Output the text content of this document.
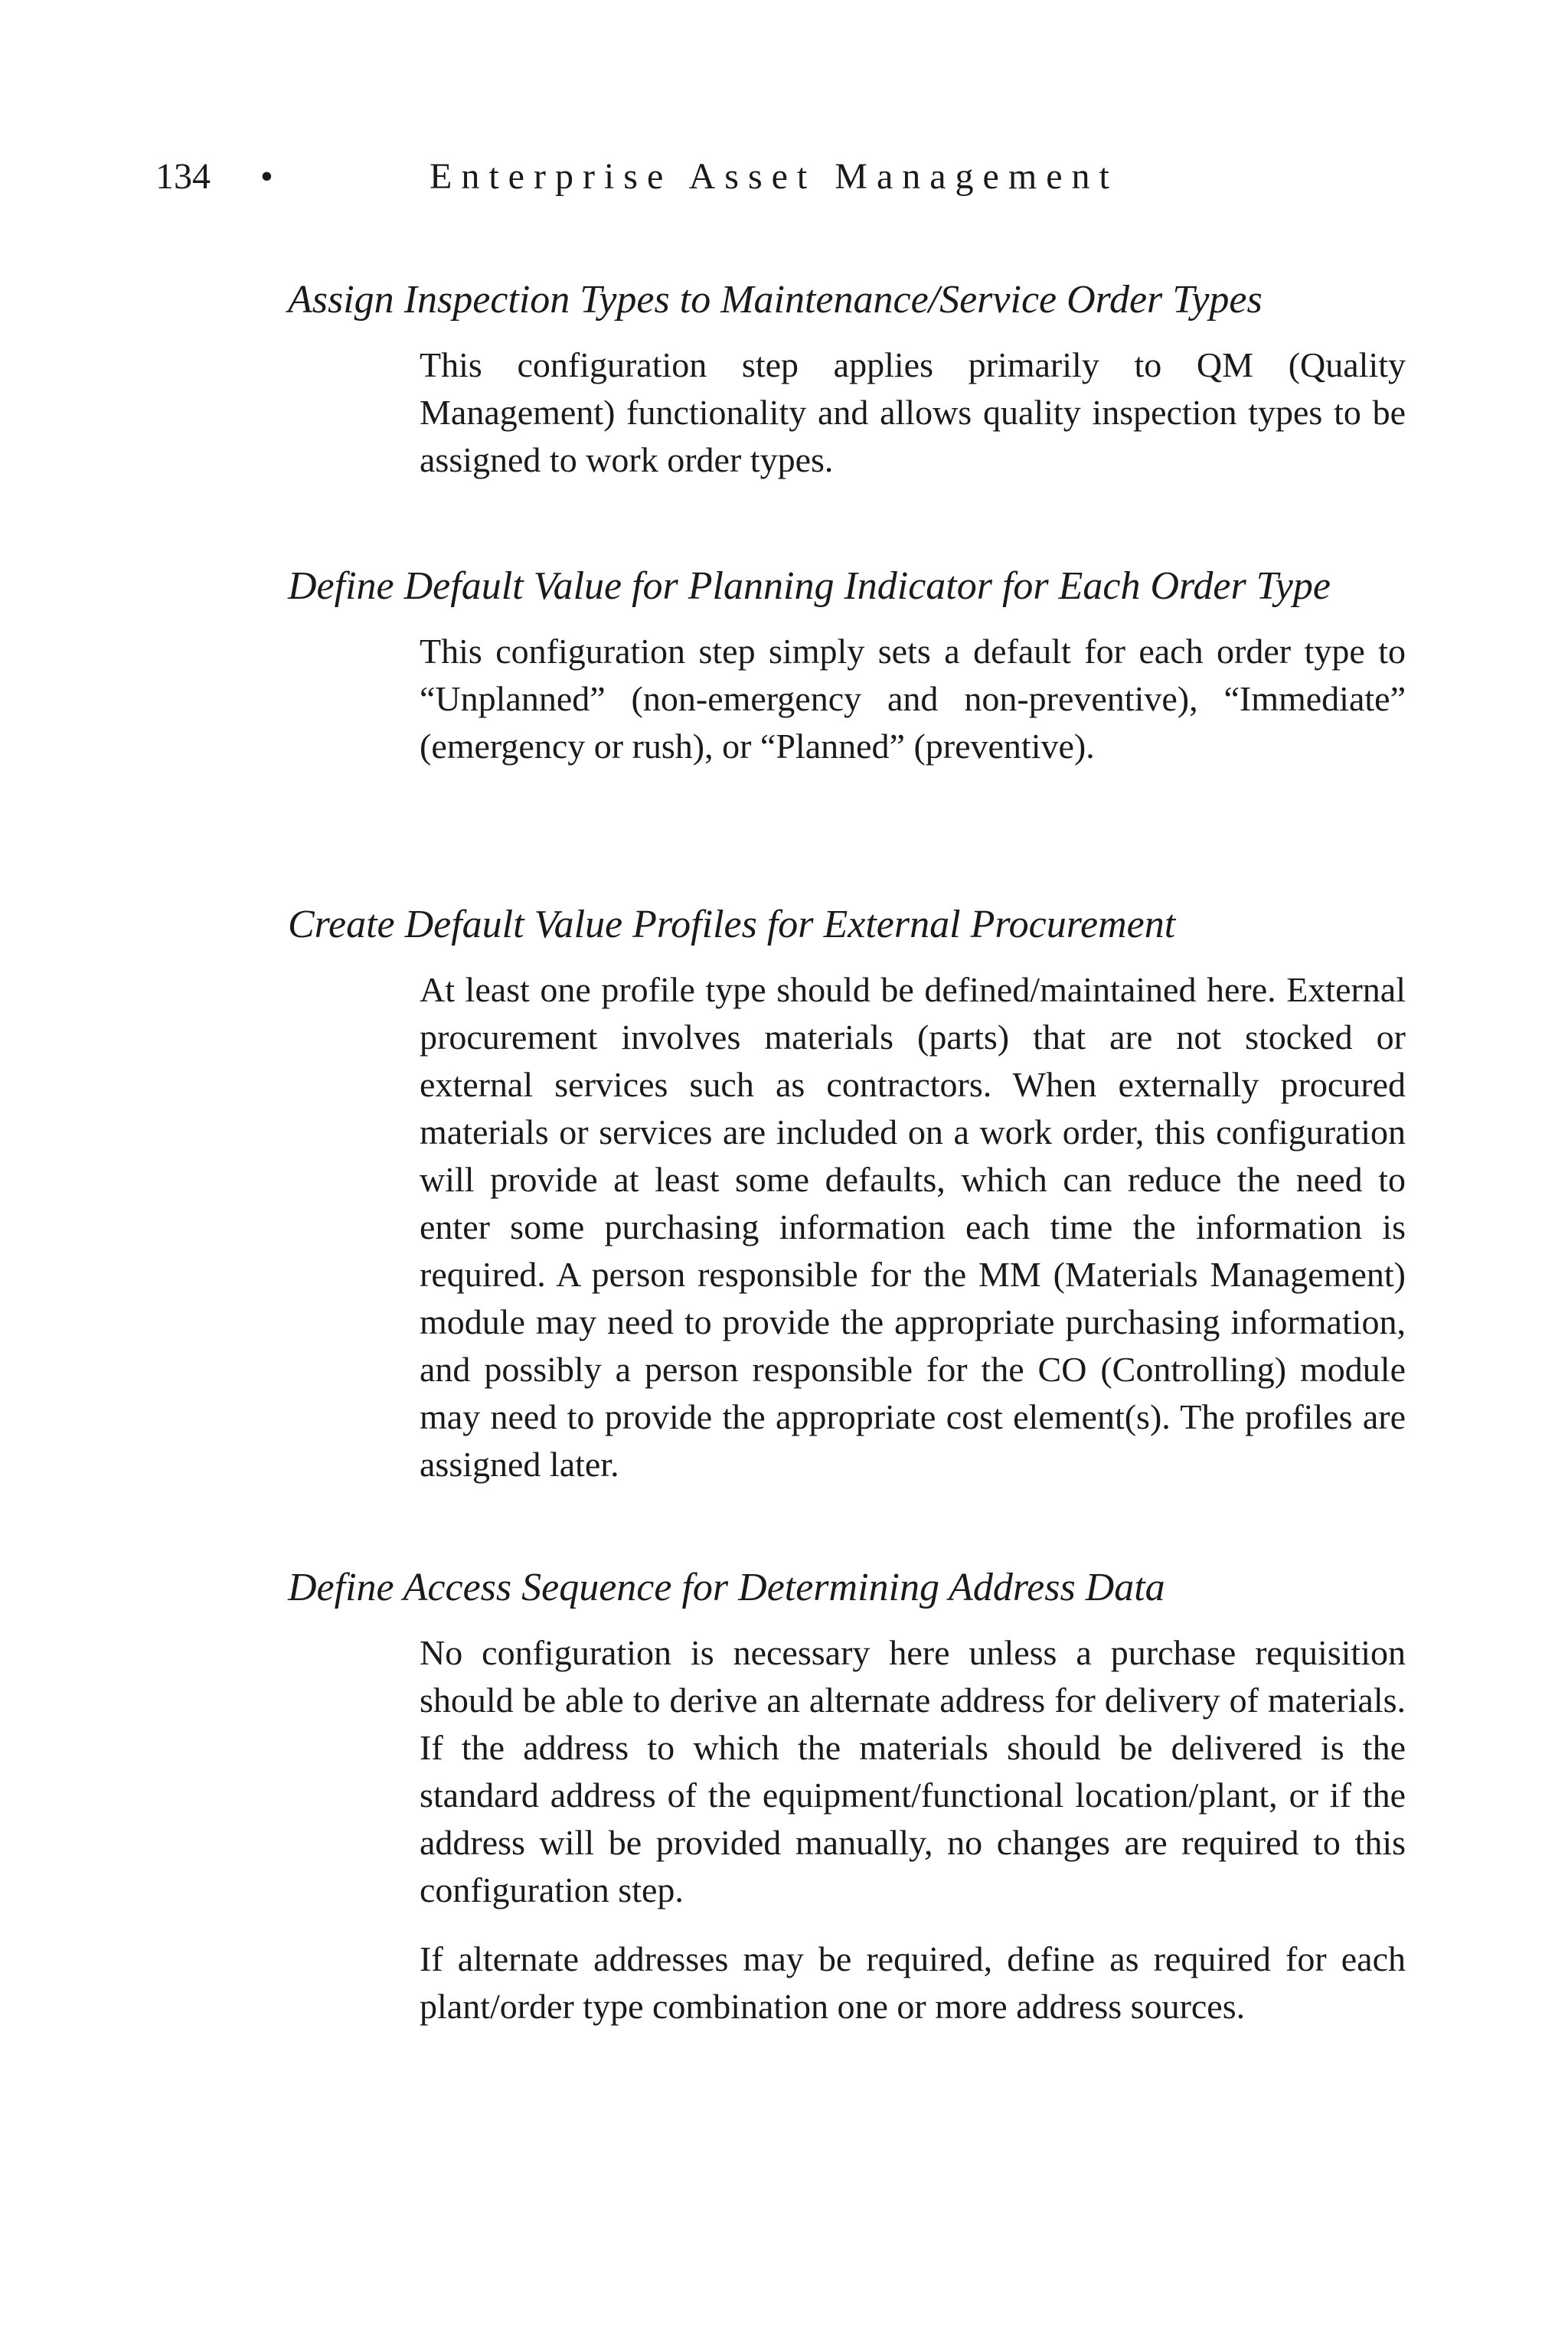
134 •	Enterprise Asset Management
Assign Inspection Types to Maintenance/Service Order Types

This configuration step applies primarily to QM (Quality Management) functionality and allows quality inspection types to be assigned to work order types.

Define Default Value for Planning Indicator for Each Order Type

This configuration step simply sets a default for each order type to “Unplanned” (non-emergency and non-preventive), “Immediate” (emergency or rush), or “Planned” (preventive).

Create Default Value Profiles for External Procurement

At least one profile type should be defined/maintained here. External procurement involves materials (parts) that are not stocked or external services such as contractors. When externally procured materials or services are included on a work order, this configuration will provide at least some defaults, which can reduce the need to enter some purchasing information each time the information is required. A person responsible for the MM (Materials Management) module may need to provide the appropriate purchasing information, and possibly a person responsible for the CO (Controlling) module may need to provide the appropriate cost element(s). The profiles are assigned later.

Define Access Sequence for Determining Address Data

No configuration is necessary here unless a purchase requisition should be able to derive an alternate address for delivery of materials. If the address to which the materials should be delivered is the standard address of the equipment/functional location/plant, or if the address will be provided manually, no changes are required to this configuration step.

If alternate addresses may be required, define as required for each plant/order type combination one or more address sources.
